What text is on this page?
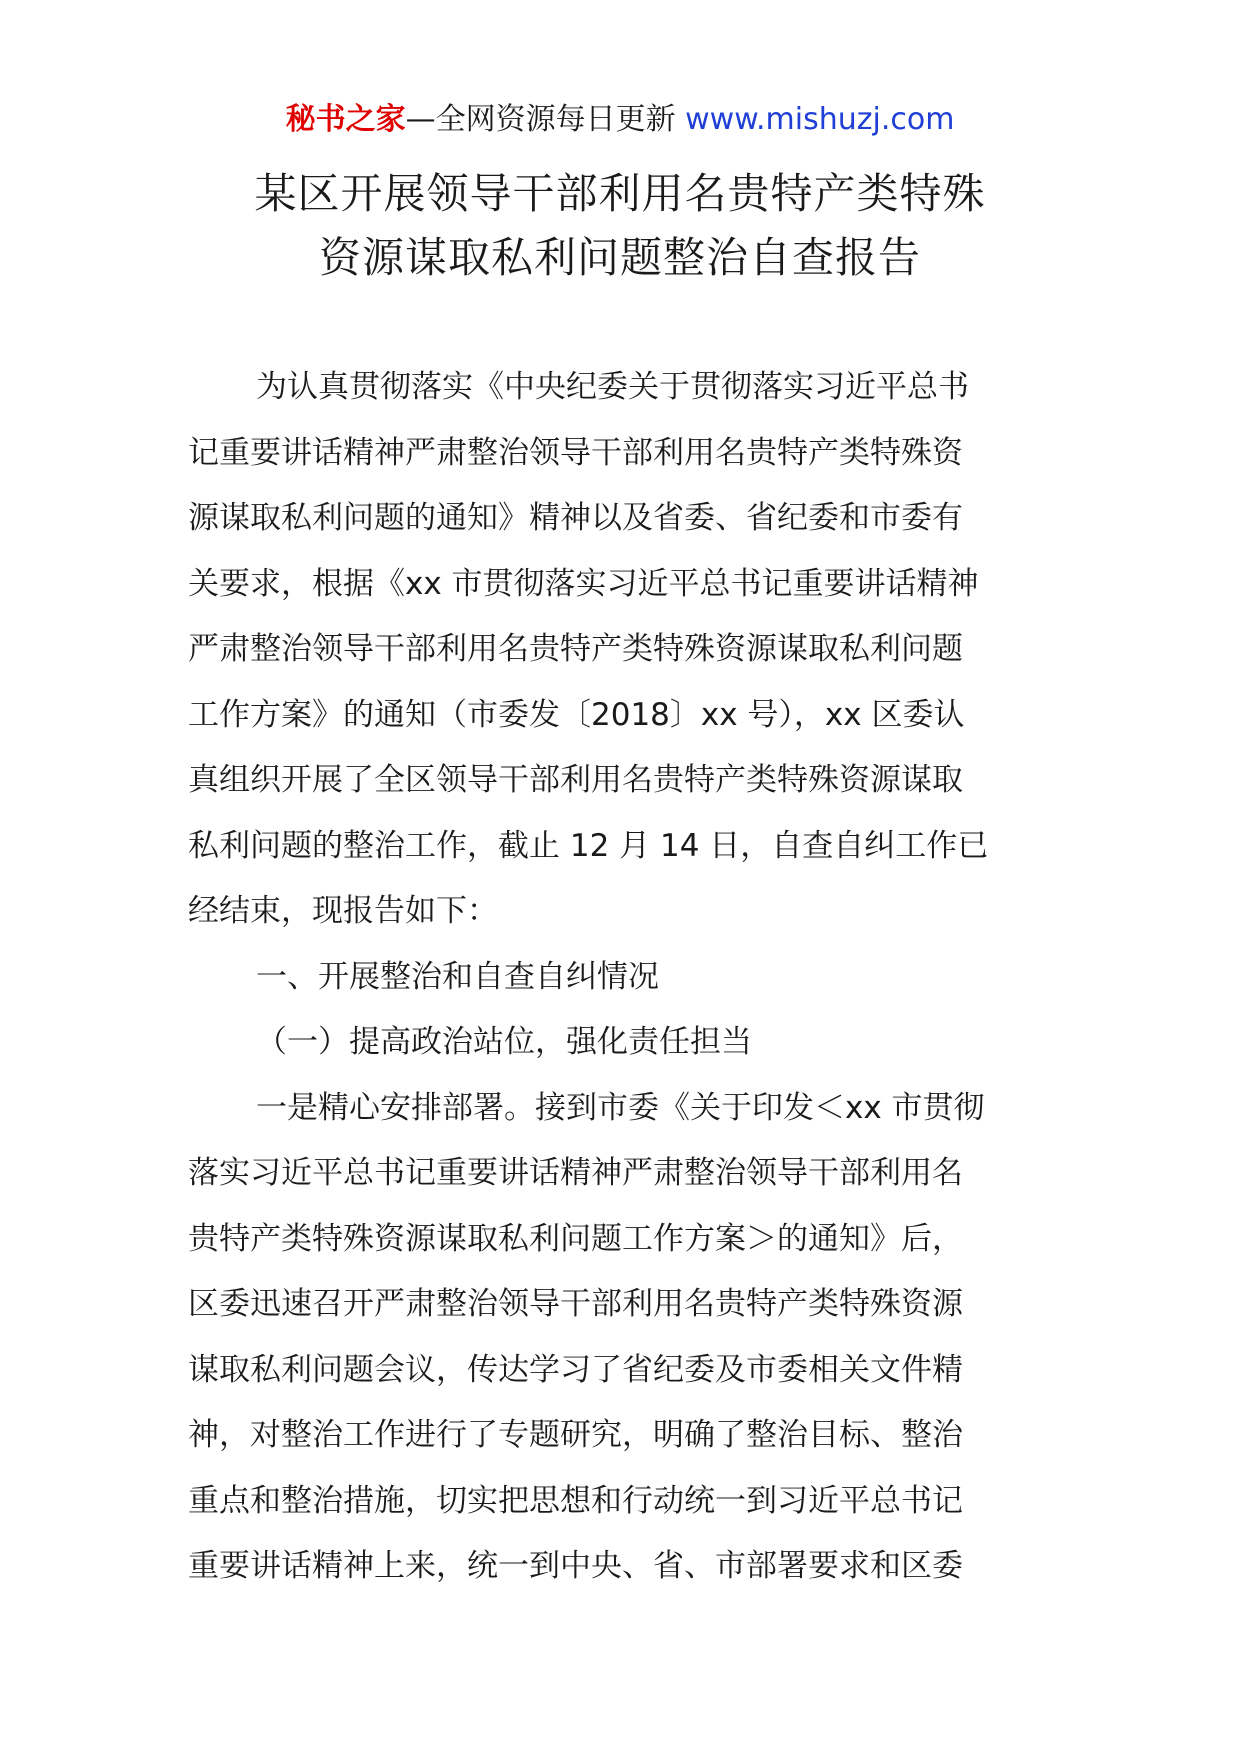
秘书之家—全网资源每日更新 www.mishuzj.com
某区开展领导干部利用名贵特产类特殊
资源谋取私利问题整治自查报告
为认真贯彻落实《中央纪委关于贯彻落实习近平总书
记重要讲话精神严肃整治领导干部利用名贵特产类特殊资
源谋取私利问题的通知》精神以及省委、省纪委和市委有
关要求，根据《xx 市贯彻落实习近平总书记重要讲话精神
严肃整治领导干部利用名贵特产类特殊资源谋取私利问题
工作方案》的通知（市委发〔2018〕xx 号），xx 区委认
真组织开展了全区领导干部利用名贵特产类特殊资源谋取
私利问题的整治工作，截止 12 月 14 日，自查自纠工作已
经结束，现报告如下：
一、开展整治和自查自纠情况
（一）提高政治站位，强化责任担当
一是精心安排部署。接到市委《关于印发＜xx 市贯彻
落实习近平总书记重要讲话精神严肃整治领导干部利用名
贵特产类特殊资源谋取私利问题工作方案＞的通知》后，
区委迅速召开严肃整治领导干部利用名贵特产类特殊资源
谋取私利问题会议，传达学习了省纪委及市委相关文件精
神，对整治工作进行了专题研究，明确了整治目标、整治
重点和整治措施，切实把思想和行动统一到习近平总书记
重要讲话精神上来，统一到中央、省、市部署要求和区委
